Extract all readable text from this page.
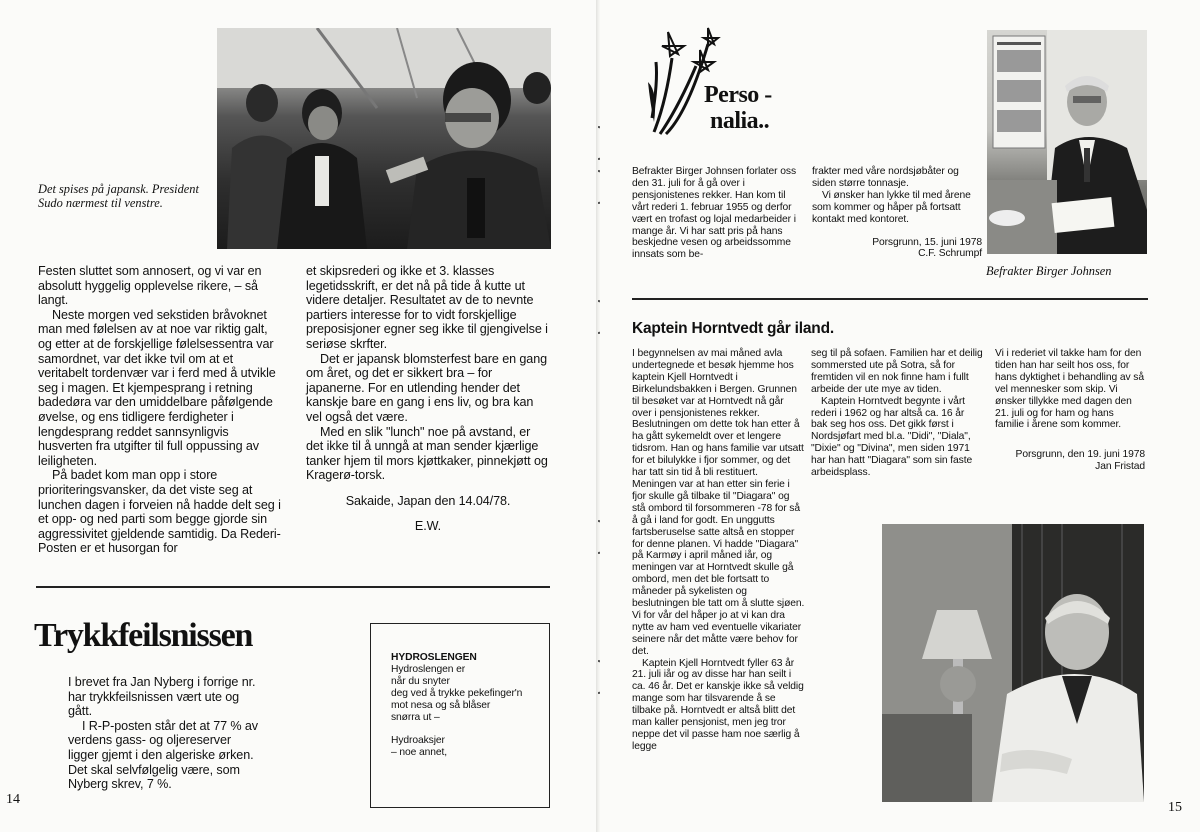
Det spises på japansk. President Sudo nærmest til venstre.

Festen sluttet som annosert, og vi var en absolutt hyggelig opplevelse rikere, – så langt.

Neste morgen ved sekstiden bråvoknet man med følelsen av at noe var riktig galt, og etter at de forskjellige følelsessentra var samordnet, var det ikke tvil om at et veritabelt tordenvær var i ferd med å utvikle seg i magen. Et kjempesprang i retning badedøra var den umiddelbare påfølgende øvelse, og ens tidligere ferdigheter i lengdesprang reddet sannsynligvis husverten fra utgifter til full oppussing av leiligheten.

På badet kom man opp i store prioriteringsvansker, da det viste seg at lunchen dagen i forveien nå hadde delt seg i et opp- og ned parti som begge gjorde sin aggressivitet gjeldende samtidig. Da Rederi-Posten er et husorgan for

et skipsrederi og ikke et 3. klasses legetidsskrift, er det nå på tide å kutte ut videre detaljer. Resultatet av de to nevnte partiers interesse for to vidt forskjellige preposisjoner egner seg ikke til gjengivelse i seriøse skrfter.

Det er japansk blomsterfest bare en gang om året, og det er sikkert bra – for japanerne. For en utlending hender det kanskje bare en gang i ens liv, og bra kan vel også det være.

Med en slik "lunch" noe på avstand, er det ikke til å unngå at man sender kjærlige tanker hjem til mors kjøttkaker, pinnekjøtt og Kragerø-torsk.

Sakaide, Japan den 14.04/78.
E.W.
Trykkfeilsnissen

I brevet fra Jan Nyberg i forrige nr. har trykkfeilsnissen vært ute og gått.

I R-P-posten står det at 77 % av verdens gass- og oljereserver ligger gjemt i den algeriske ørken. Det skal selvfølgelig være, som Nyberg skrev, 7 %.

HYDROSLENGEN
Hydroslengen er
når du snyter
deg ved å trykke pekefinger'n
mot nesa og så blåser
snørra ut –
Hydroaksjer
– noe annet,
14
Perso -
nalia..

Befrakter Birger Johnsen forlater oss den 31. juli for å gå over i pensjonistenes rekker. Han kom til vårt rederi 1. februar 1955 og derfor vært en trofast og lojal medarbeider i mange år. Vi har satt pris på hans beskjedne vesen og arbeidssomme innsats som be-

frakter med våre nordsjøbåter og siden større tonnasje.

Vi ønsker han lykke til med årene som kommer og håper på fortsatt kontakt med kontoret.

Porsgrunn, 15. juni 1978
C.F. Schrumpf
Befrakter Birger Johnsen
Kaptein Horntvedt går iland.

I begynnelsen av mai måned avla undertegnede et besøk hjemme hos kaptein Kjell Horntvedt i Birkelundsbakken i Bergen. Grunnen til besøket var at Horntvedt nå går over i pensjonistenes rekker. Beslutningen om dette tok han etter å ha gått sykemeldt over et lengere tidsrom. Han og hans familie var utsatt for et bilulykke i fjor sommer, og det har tatt sin tid å bli restituert. Meningen var at han etter sin ferie i fjor skulle gå tilbake til "Diagara" og stå ombord til forsommeren -78 for så å gå i land for godt. En unggutts fartsberuselse satte altså en stopper for denne planen. Vi hadde "Diagara" på Karmøy i april måned iår, og meningen var at Horntvedt skulle gå ombord, men det ble fortsatt to måneder på sykelisten og beslutningen ble tatt om å slutte sjøen. Vi for vår del håper jo at vi kan dra nytte av ham ved eventuelle vikariater seinere når det måtte være behov for det.

Kaptein Kjell Horntvedt fyller 63 år 21. juli iår og av disse har han seilt i ca. 46 år. Det er kanskje ikke så veldig mange som har tilsvarende å se tilbake på. Horntvedt er altså blitt det man kaller pensjonist, men jeg tror neppe det vil passe ham noe særlig å legge

seg til på sofaen. Familien har et deilig sommersted ute på Sotra, så for fremtiden vil en nok finne ham i fullt arbeide der ute mye av tiden.

Kaptein Horntvedt begynte i vårt rederi i 1962 og har altså ca. 16 år bak seg hos oss. Det gikk først i Nordsjøfart med bl.a. "Didi", "Diala", "Dixie" og "Divina", men siden 1971 har han hatt "Diagara" som sin faste arbeidsplass.

Vi i rederiet vil takke ham for den tiden han har seilt hos oss, for hans dyktighet i behandling av så vel mennesker som skip. Vi ønsker tillykke med dagen den 21. juli og for ham og hans familie i årene som kommer.

Porsgrunn, den 19. juni 1978
Jan Fristad
15
